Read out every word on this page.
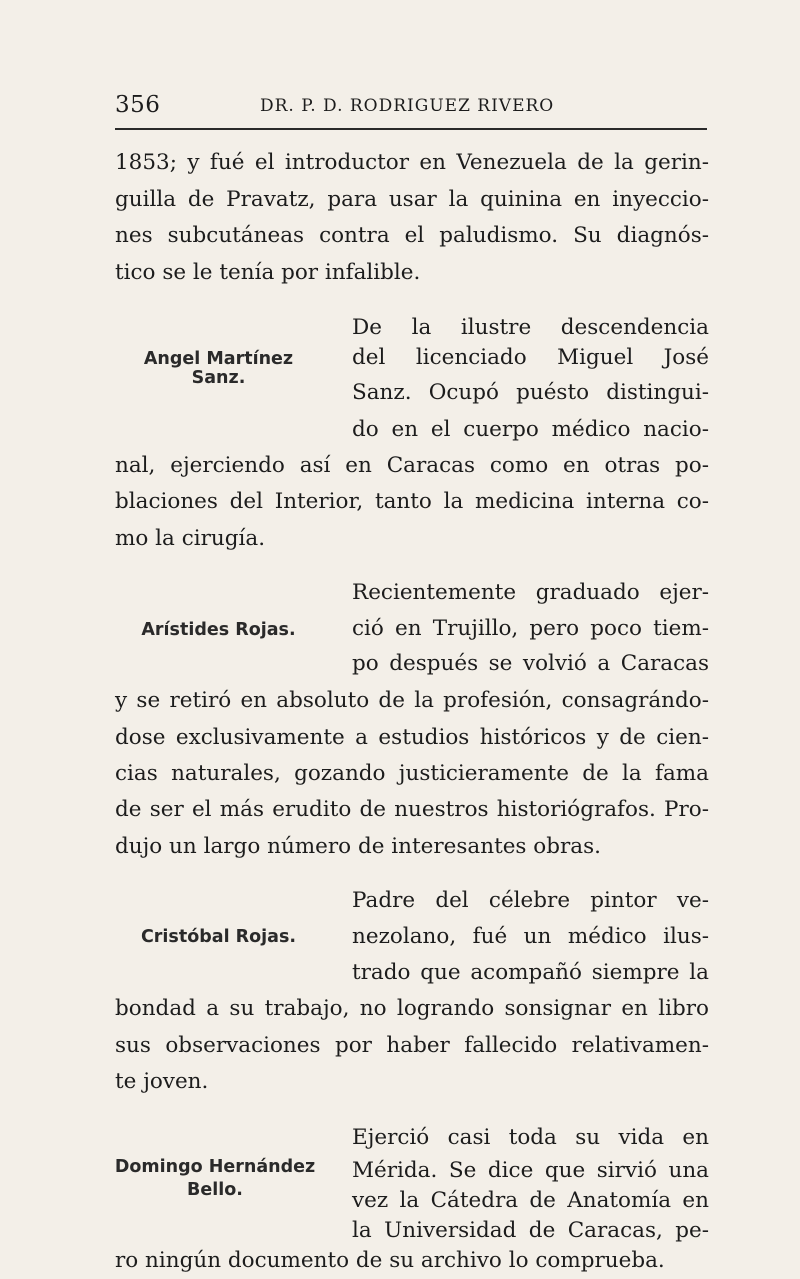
356	DR. P. D. RODRIGUEZ RIVERO
1853; y fué el introductor en Venezuela de la gerin-
guilla de Pravatz, para usar la quinina en inyeccio-
nes subcutáneas contra el paludismo. Su diagnós-
tico se le tenía por infalible.
Angel Martínez
Sanz.
De la ilustre descendencia
del licenciado Miguel José
Sanz. Ocupó puésto distingui-
do en el cuerpo médico nacio-
nal, ejerciendo así en Caracas como en otras po-
blaciones del Interior, tanto la medicina interna co-
mo la cirugía.
Arístides Rojas.
Recientemente graduado ejer-
ció en Trujillo, pero poco tiem-
po después se volvió a Caracas
y se retiró en absoluto de la profesión, consagrándo-
dose exclusivamente a estudios históricos y de cien-
cias naturales, gozando justicieramente de la fama
de ser el más erudito de nuestros historiógrafos. Pro-
dujo un largo número de interesantes obras.
Cristóbal Rojas.
Padre del célebre pintor ve-
nezolano, fué un médico ilus-
trado que acompañó siempre la
bondad a su trabajo, no logrando sonsignar en libro
sus observaciones por haber fallecido relativamen-
te joven.
Domingo Hernández
Bello.
Ejerció casi toda su vida en
Mérida. Se dice que sirvió una
vez la Cátedra de Anatomía en
la Universidad de Caracas, pe-
ro ningún documento de su archivo lo comprueba.
